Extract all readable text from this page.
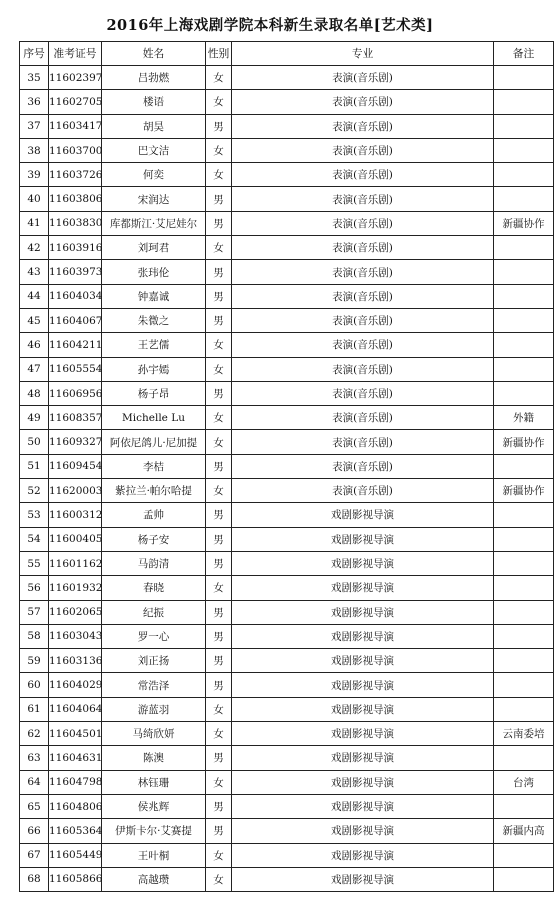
2016年上海戏剧学院本科新生录取名单[艺术类]
序号	准考证号	姓名	性别	专业	备注
35	11602397	吕勃燃	女	表演(音乐剧)	
36	11602705	楼语	女	表演(音乐剧)	
37	11603417	胡昊	男	表演(音乐剧)	
38	11603700	巴文洁	女	表演(音乐剧)	
39	11603726	何奕	女	表演(音乐剧)	
40	11603806	宋润达	男	表演(音乐剧)	
41	11603830	库都斯江·艾尼娃尔	男	表演(音乐剧)	新疆协作
42	11603916	刘珂君	女	表演(音乐剧)	
43	11603973	张玮伦	男	表演(音乐剧)	
44	11604034	钟嘉诚	男	表演(音乐剧)	
45	11604067	朱微之	男	表演(音乐剧)	
46	11604211	王艺儒	女	表演(音乐剧)	
47	11605554	孙宇嫣	女	表演(音乐剧)	
48	11606956	杨子昂	男	表演(音乐剧)	
49	11608357	Michelle Lu	女	表演(音乐剧)	外籍
50	11609327	阿依尼鸽儿·尼加提	女	表演(音乐剧)	新疆协作
51	11609454	李桔	男	表演(音乐剧)	
52	11620003	紫拉兰·帕尔哈提	女	表演(音乐剧)	新疆协作
53	11600312	孟帅	男	戏剧影视导演	
54	11600405	杨子安	男	戏剧影视导演	
55	11601162	马韵清	男	戏剧影视导演	
56	11601932	春晓	女	戏剧影视导演	
57	11602065	纪振	男	戏剧影视导演	
58	11603043	罗一心	男	戏剧影视导演	
59	11603136	刘正扬	男	戏剧影视导演	
60	11604029	常浩泽	男	戏剧影视导演	
61	11604064	游蓝羽	女	戏剧影视导演	
62	11604501	马绮欣妍	女	戏剧影视导演	云南委培
63	11604631	陈澳	男	戏剧影视导演	
64	11604798	林钰珊	女	戏剧影视导演	台湾
65	11604806	侯兆辉	男	戏剧影视导演	
66	11605364	伊斯卡尔·艾赛提	男	戏剧影视导演	新疆内高
67	11605449	王叶桐	女	戏剧影视导演	
68	11605866	高越瓒	女	戏剧影视导演	
